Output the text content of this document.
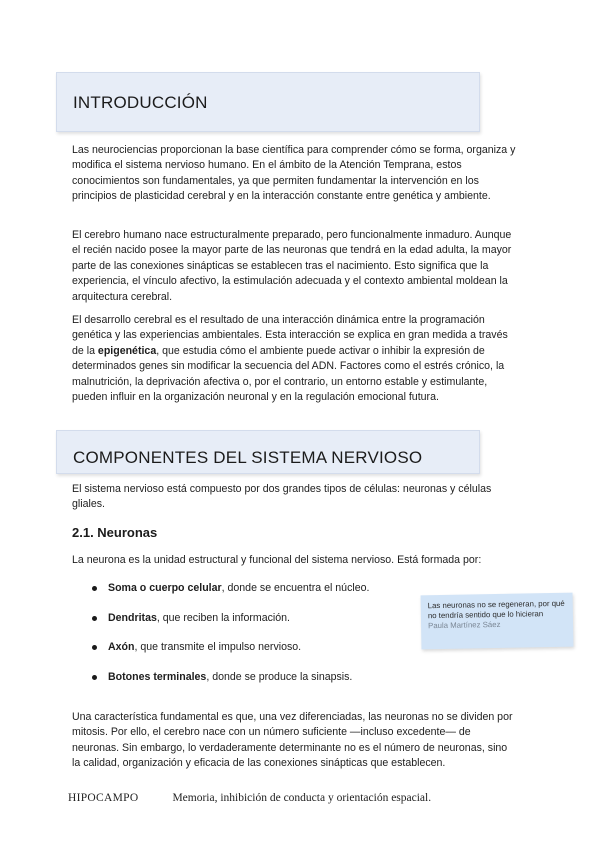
INTRODUCCIÓN

Las neurociencias proporcionan la base científica para comprender cómo se forma, organiza y modifica el sistema nervioso humano. En el ámbito de la Atención Temprana, estos conocimientos son fundamentales, ya que permiten fundamentar la intervención en los principios de plasticidad cerebral y en la interacción constante entre genética y ambiente.

El cerebro humano nace estructuralmente preparado, pero funcionalmente inmaduro. Aunque el recién nacido posee la mayor parte de las neuronas que tendrá en la edad adulta, la mayor parte de las conexiones sinápticas se establecen tras el nacimiento. Esto significa que la experiencia, el vínculo afectivo, la estimulación adecuada y el contexto ambiental moldean la arquitectura cerebral.

El desarrollo cerebral es el resultado de una interacción dinámica entre la programación genética y las experiencias ambientales. Esta interacción se explica en gran medida a través de la epigenética, que estudia cómo el ambiente puede activar o inhibir la expresión de determinados genes sin modificar la secuencia del ADN. Factores como el estrés crónico, la malnutrición, la deprivación afectiva o, por el contrario, un entorno estable y estimulante, pueden influir en la organización neuronal y en la regulación emocional futura.

COMPONENTES DEL SISTEMA NERVIOSO

El sistema nervioso está compuesto por dos grandes tipos de células: neuronas y células gliales.

2.1. Neuronas

La neurona es la unidad estructural y funcional del sistema nervioso. Está formada por:

Soma o cuerpo celular, donde se encuentra el núcleo.
Dendritas, que reciben la información.
Axón, que transmite el impulso nervioso.
Botones terminales, donde se produce la sinapsis.
Las neuronas no se regeneran, por qué no tendría sentido que lo hicieran
Paula Martínez Sáez

Una característica fundamental es que, una vez diferenciadas, las neuronas no se dividen por mitosis. Por ello, el cerebro nace con un número suficiente —incluso excedente— de neuronas. Sin embargo, lo verdaderamente determinante no es el número de neuronas, sino la calidad, organización y eficacia de las conexiones sinápticas que establecen.

HIPOCAMPO	Memoria, inhibición de conducta y orientación espacial.
